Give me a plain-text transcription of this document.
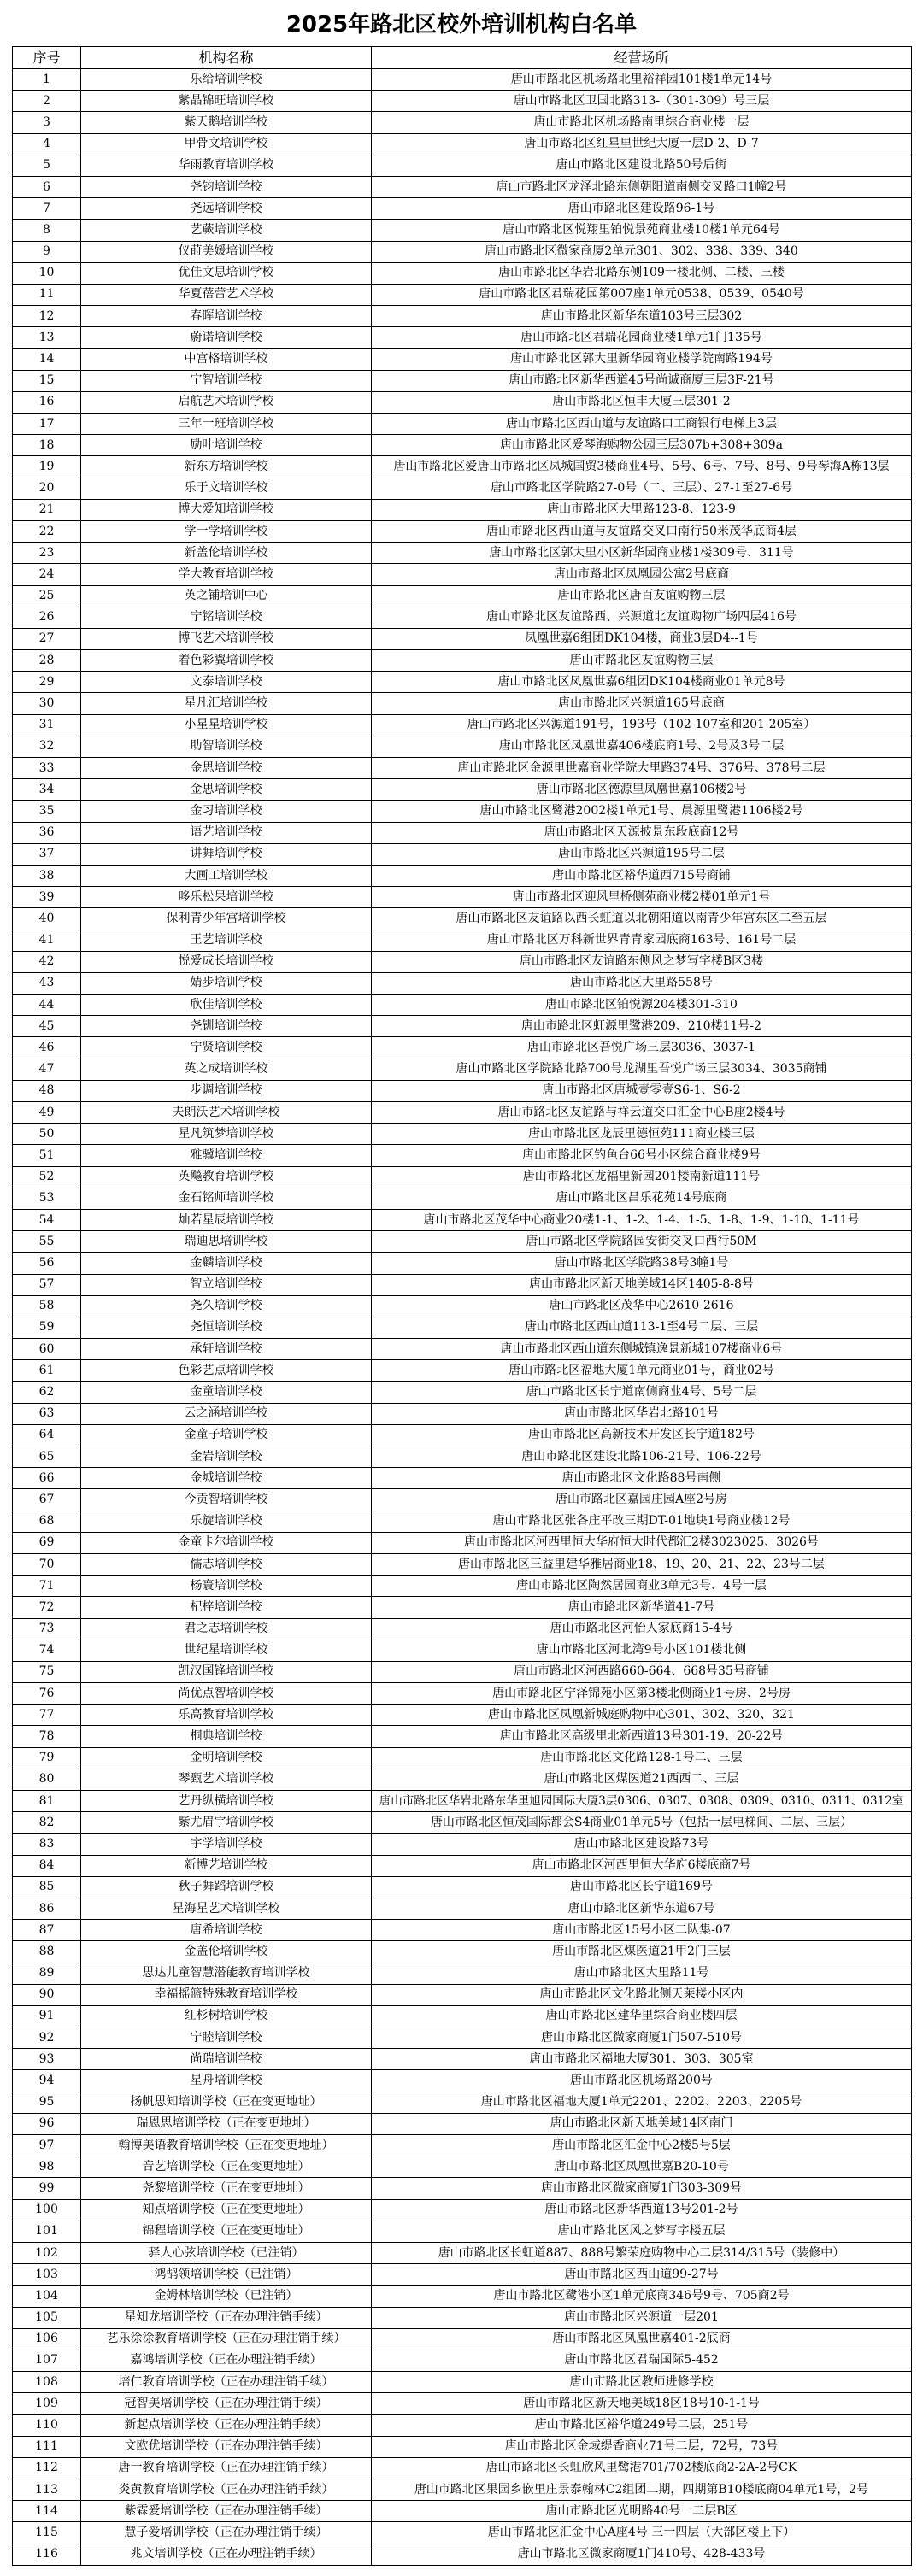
2025年路北区校外培训机构白名单
序号	机构名称	经营场所
1	乐给培训学校	唐山市路北区机场路北里裕祥园101楼1单元14号
2	紫晶锦旺培训学校	唐山市路北区卫国北路313-（301-309）号三层
3	紫天鹅培训学校	唐山市路北区机场路南里综合商业楼一层
4	甲骨文培训学校	唐山市路北区红星里世纪大厦一层D-2、D-7
5	华雨教育培训学校	唐山市路北区建设北路50号后街
6	尧钧培训学校	唐山市路北区龙泽北路东侧朝阳道南侧交叉路口1幢2号
7	尧远培训学校	唐山市路北区建设路96-1号
8	艺蕨培训学校	唐山市路北区悦翔里铂悦景苑商业楼10楼1单元64号
9	仪莳美媛培训学校	唐山市路北区微家商厦2单元301、302、338、339、340
10	优佳文思培训学校	唐山市路北区华岩北路东侧109一楼北侧、二楼、三楼
11	华夏蓓蕾艺术学校	唐山市路北区君瑞花园第007座1单元0538、0539、0540号
12	春晖培训学校	唐山市路北区新华东道103号三层302
13	蔚诺培训学校	唐山市路北区君瑞花园商业楼1单元1门135号
14	中宫格培训学校	唐山市路北区郭大里新华园商业楼学院南路194号
15	宁智培训学校	唐山市路北区新华西道45号尚诚商厦三层3F-21号
16	启航艺术培训学校	唐山市路北区恒丰大厦三层301-2
17	三年一班培训学校	唐山市路北区西山道与友谊路口工商银行电梯上3层
18	励叶培训学校	唐山市路北区爱琴海购物公园三层307b+308+309a
19	新东方培训学校	唐山市路北区爱唐山市路北区凤城国贸3楼商业4号、5号、6号、7号、8号、9号琴海A栋13层
20	乐于文培训学校	唐山市路北区学院路27-0号（二、三层）、27-1至27-6号
21	博大爱知培训学校	唐山市路北区大里路123-8、123-9
22	学一学培训学校	唐山市路北区西山道与友谊路交叉口南行50米茂华底商4层
23	新盖伦培训学校	唐山市路北区郭大里小区新华园商业楼1楼309号、311号
24	学大教育培训学校	唐山市路北区凤凰园公寓2号底商
25	英之铺培训中心	唐山市路北区唐百友谊购物三层
26	宁铭培训学校	唐山市路北区友谊路西、兴源道北友谊购物广场四层416号
27	博飞艺术培训学校	凤凰世嘉6组团DK104楼，商业3层D4--1号
28	着色彩翼培训学校	唐山市路北区友谊购物三层
29	文泰培训学校	唐山市路北区凤凰世嘉6组团DK104楼商业01单元8号
30	星凡汇培训学校	唐山市路北区兴源道165号底商
31	小星星培训学校	唐山市路北区兴源道191号，193号（102-107室和201-205室）
32	助智培训学校	唐山市路北区凤凰世嘉406楼底商1号、2号及3号二层
33	金思培训学校	唐山市路北区金源里世嘉商业学院大里路374号、376号、378号二层
34	金思培训学校	唐山市路北区德源里凤凰世嘉106楼2号
35	金习培训学校	唐山市路北区鹭港2002楼1单元1号、晨源里鹭港1106楼2号
36	语艺培训学校	唐山市路北区天源披景东段底商12号
37	讲舞培训学校	唐山市路北区兴源道195号二层
38	大画工培训学校	唐山市路北区裕华道西715号商铺
39	哆乐松果培训学校	唐山市路北区迎风里桥侧苑商业楼2楼01单元1号
40	保利青少年宫培训学校	唐山市路北区友谊路以西长虹道以北朝阳道以南青少年宫东区二至五层
41	王艺培训学校	唐山市路北区万科新世界青青家园底商163号、161号二层
42	悦爱成长培训学校	唐山市路北区友谊路东侧风之梦写字楼B区3楼
43	婧步培训学校	唐山市路北区大里路558号
44	欣佳培训学校	唐山市路北区铂悦源204楼301-310
45	尧钏培训学校	唐山市路北区虹源里鹭港209、210楼11号-2
46	宁贤培训学校	唐山市路北区吾悦广场三层3036、3037-1
47	英之成培训学校	唐山市路北区学院路北路700号龙湖里吾悦广场三层3034、3035商铺
48	步调培训学校	唐山市路北区唐城壹零壹S6-1、S6-2
49	夫朗沃艺术培训学校	唐山市路北区友谊路与祥云道交口汇金中心B座2楼4号
50	星凡筑梦培训学校	唐山市路北区龙辰里德恒苑111商业楼三层
51	雅骥培训学校	唐山市路北区钓鱼台66号小区综合商业楼9号
52	英飚教育培训学校	唐山市路北区龙福里新园201楼南新道111号
53	金石铭师培训学校	唐山市路北区昌乐花苑14号底商
54	灿若星辰培训学校	唐山市路北区茂华中心商业20楼1-1、1-2、1-4、1-5、1-8、1-9、1-10、1-11号
55	瑞迪思培训学校	唐山市路北区学院路园安街交叉口西行50M
56	金麟培训学校	唐山市路北区学院路38号3幢1号
57	智立培训学校	唐山市路北区新天地美域14区1405-8-8号
58	尧久培训学校	唐山市路北区茂华中心2610-2616
59	尧恒培训学校	唐山市路北区西山道113-1至4号二层、三层
60	承轩培训学校	唐山市路北区西山道东侧城镇逸景新城107楼商业6号
61	色彩艺点培训学校	唐山市路北区福地大厦1单元商业01号，商业02号
62	金童培训学校	唐山市路北区长宁道南侧商业4号、5号二层
63	云之涵培训学校	唐山市路北区华岩北路101号
64	金童子培训学校	唐山市路北区高新技术开发区长宁道182号
65	金岩培训学校	唐山市路北区建设北路106-21号、106-22号
66	金城培训学校	唐山市路北区文化路88号南侧
67	今贡智培训学校	唐山市路北区嘉园庄园A座2号房
68	乐旋培训学校	唐山市路北区张各庄平改三期DT-01地块1号商业楼12号
69	金童卡尔培训学校	唐山市路北区河西里恒大华府恒大时代都汇2楼3023025、3026号
70	儒志培训学校	唐山市路北区三益里建华雅居商业18、19、20、21、22、23号二层
71	杨寰培训学校	唐山市路北区陶然居园商业3单元3号、4号一层
72	杞梓培训学校	唐山市路北区新华道41-7号
73	君之志培训学校	唐山市路北区河怡人家底商15-4号
74	世纪星培训学校	唐山市路北区河北湾9号小区101楼北侧
75	凯汉国锋培训学校	唐山市路北区河西路660-664、668号35号商铺
76	尚优点智培训学校	唐山市路北区宁泽锦苑小区第3楼北侧商业1号房、2号房
77	乐高教育培训学校	唐山市路北区凤凰新城庭购物中心301、302、320、321
78	桐典培训学校	唐山市路北区高级里北新西道13号301-19、20-22号
79	金明培训学校	唐山市路北区文化路128-1号二、三层
80	琴甄艺术培训学校	唐山市路北区煤医道21西西二、三层
81	艺丹纵横培训学校	唐山市路北区华岩北路东华里旭园国际大厦3层0306、0307、0308、0309、0310、0311、0312室
82	紫尤眉宇培训学校	唐山市路北区恒茂国际都会S4商业01单元5号（包括一层电梯间、二层、三层）
83	宇学培训学校	唐山市路北区建设路73号
84	新博艺培训学校	唐山市路北区河西里恒大华府6楼底商7号
85	秋子舞蹈培训学校	唐山市路北区长宁道169号
86	星海星艺术培训学校	唐山市路北区新华东道67号
87	唐希培训学校	唐山市路北区15号小区二队集-07
88	金盖伦培训学校	唐山市路北区煤医道21甲2门三层
89	思达儿童智慧潜能教育培训学校	唐山市路北区大里路11号
90	幸福摇篮特殊教育培训学校	唐山市路北区文化路北侧天莱楼小区内
91	红杉树培训学校	唐山市路北区建华里综合商业楼四层
92	宁睦培训学校	唐山市路北区微家商厦1门507-510号
93	尚瑞培训学校	唐山市路北区福地大厦301、303、305室
94	星舟培训学校	唐山市路北区机场路200号
95	扬帆思知培训学校（正在变更地址）	唐山市路北区福地大厦1单元2201、2202、2203、2205号
96	瑞恩思培训学校（正在变更地址）	唐山市路北区新天地美域14区南门
97	翰博美语教育培训学校（正在变更地址）	唐山市路北区汇金中心2楼5号5层
98	音艺培训学校（正在变更地址）	唐山市路北区凤凰世嘉B20-10号
99	尧黎培训学校（正在变更地址）	唐山市路北区微家商厦1门303-309号
100	知点培训学校（正在变更地址）	唐山市路北区新华西道13号201-2号
101	锦程培训学校（正在变更地址）	唐山市路北区风之梦写字楼五层
102	驿人心弦培训学校（已注销）	唐山市路北区长虹道887、888号繁荣庭购物中心二层314/315号（装修中）
103	鸿鹄领培训学校（已注销）	唐山市路北区西山道99-27号
104	金姆林培训学校（已注销）	唐山市路北区鹭港小区1单元底商346号9号、705商2号
105	星知龙培训学校（正在办理注销手续）	唐山市路北区兴源道一层201
106	艺乐涂涂教育培训学校（正在办理注销手续）	唐山市路北区凤凰世嘉401-2底商
107	嘉鸿培训学校（正在办理注销手续）	唐山市路北区君瑞国际5-452
108	培仁教育培训学校（正在办理注销手续）	唐山市路北区教师进修学校
109	冠智美培训学校（正在办理注销手续）	唐山市路北区新天地美域18区18号10-1-1号
110	新起点培训学校（正在办理注销手续）	唐山市路北区裕华道249号二层，251号
111	文欧优培训学校（正在办理注销手续）	唐山市路北区金域缇香商业71号二层，72号，73号
112	唐一教育培训学校（正在办理注销手续）	唐山市路北区长虹欣风里鹭港701/702楼底商2-2A-2号CK
113	炎黄教育培训学校（正在办理注销手续）	唐山市路北区果园乡嵌里庄景泰翰林C2组团二期，四期第B10楼底商04单元1号，2号
114	紫霖爱培训学校（正在办理注销手续）	唐山市路北区光明路40号一二层B区
115	慧子爱培训学校（正在办理注销手续）	唐山市路北区汇金中心A座4号 三一四层（大部区楼上下）
116	兆文培训学校（正在办理注销手续）	唐山市路北区微家商厦1门410号、428-433号
